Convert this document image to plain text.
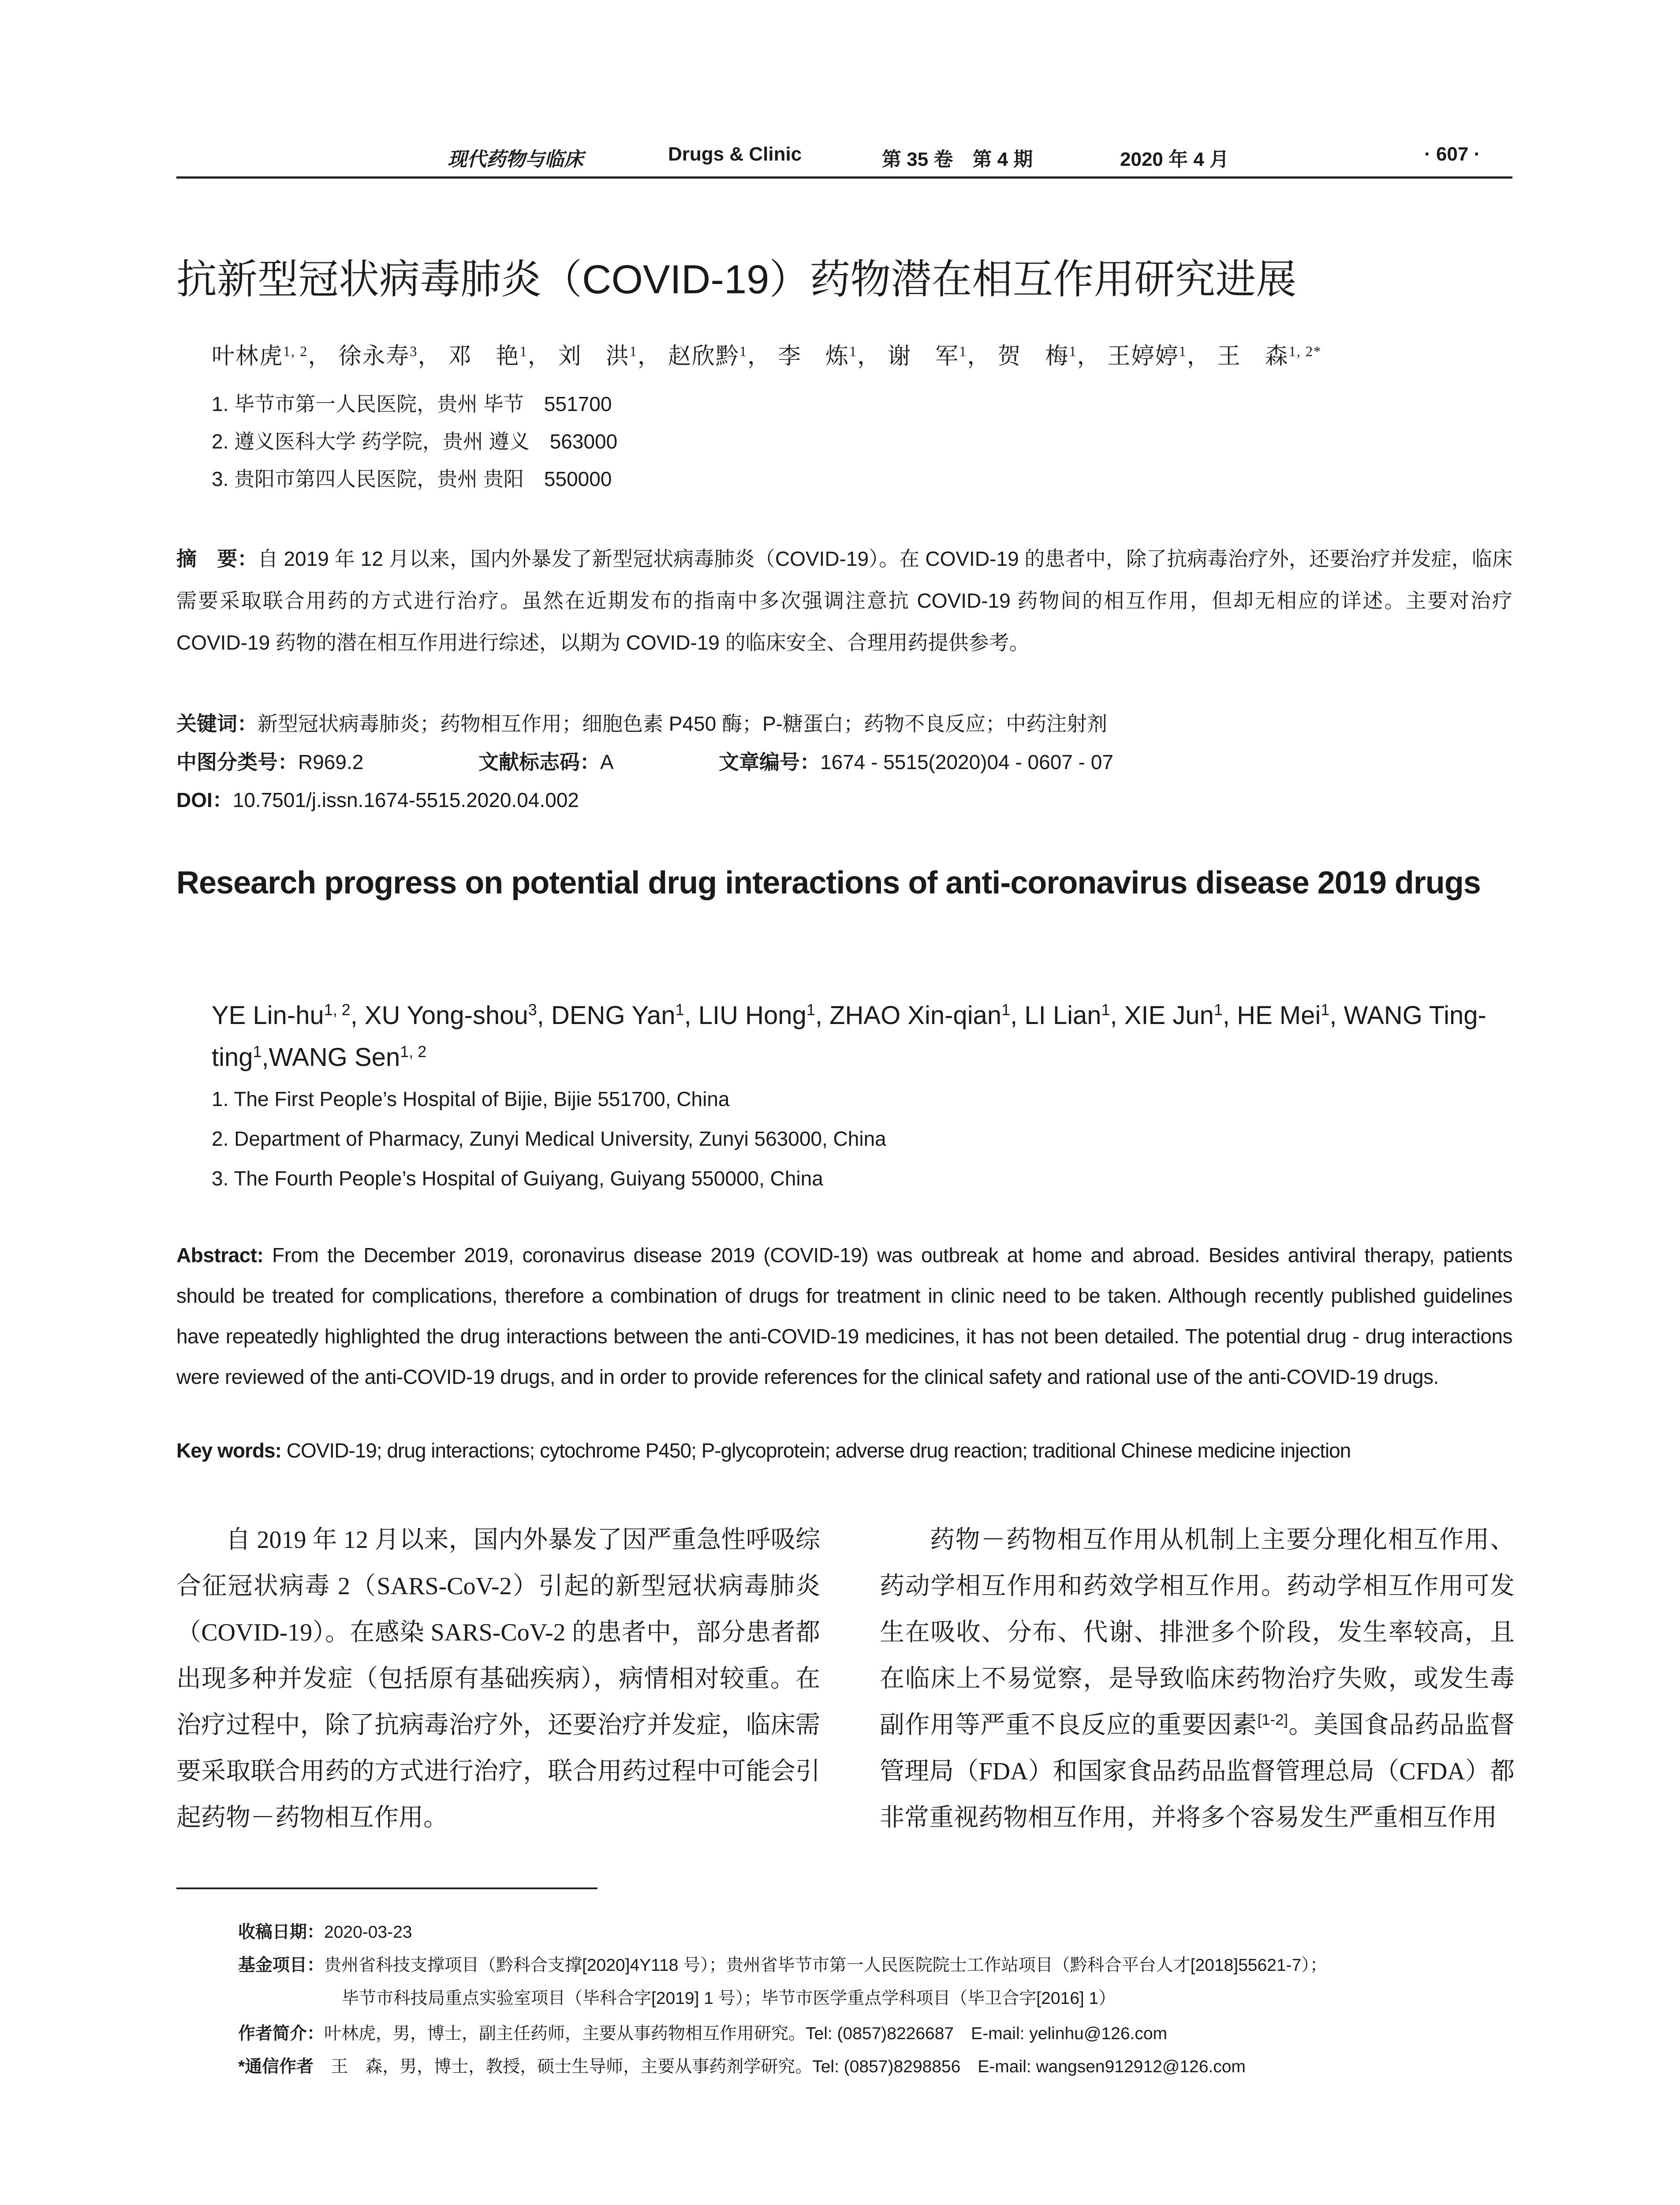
现代药物与临床	Drugs & Clinic	第 35 卷　第 4 期	2020 年 4 月	· 607 ·
抗新型冠状病毒肺炎（COVID-19）药物潜在相互作用研究进展
叶林虎$^{1, 2}$， 徐永寿$^3$， 邓　艳$^1$， 刘　洪$^1$， 赵欣黔$^1$， 李　炼$^1$， 谢　军$^1$， 贺　梅$^1$， 王婷婷$^1$， 王　森$^{1, 2*}$
1. 毕节市第一人民医院，贵州 毕节　551700
2. 遵义医科大学 药学院，贵州 遵义　563000
3. 贵阳市第四人民医院，贵州 贵阳　550000
摘　要：自 2019 年 12 月以来，国内外暴发了新型冠状病毒肺炎（COVID-19）。在 COVID-19 的患者中，除了抗病毒治疗外，还要治疗并发症，临床需要采取联合用药的方式进行治疗。虽然在近期发布的指南中多次强调注意抗 COVID-19 药物间的相互作用，但却无相应的详述。主要对治疗 COVID-19 药物的潜在相互作用进行综述，以期为 COVID-19 的临床安全、合理用药提供参考。
关键词：新型冠状病毒肺炎；药物相互作用；细胞色素 P450 酶；P-糖蛋白；药物不良反应；中药注射剂
中图分类号：R969.2	文献标志码：A	文章编号：1674 - 5515(2020)04 - 0607 - 07
DOI：10.7501/j.issn.1674-5515.2020.04.002
Research progress on potential drug interactions of anti-coronavirus disease 2019 drugs
YE Lin-hu$^{1, 2}$, XU Yong-shou$^3$, DENG Yan$^1$, LIU Hong$^1$, ZHAO Xin-qian$^1$, LI Lian$^1$, XIE Jun$^1$, HE Mei$^1$, WANG Ting-ting$^1$,WANG Sen$^{1, 2}$
1. The First People’s Hospital of Bijie, Bijie 551700, China
2. Department of Pharmacy, Zunyi Medical University, Zunyi 563000, China
3. The Fourth People’s Hospital of Guiyang, Guiyang 550000, China
Abstract: From the December 2019, coronavirus disease 2019 (COVID-19) was outbreak at home and abroad. Besides antiviral therapy, patients should be treated for complications, therefore a combination of drugs for treatment in clinic need to be taken. Although recently published guidelines have repeatedly highlighted the drug interactions between the anti-COVID-19 medicines, it has not been detailed. The potential drug - drug interactions were reviewed of the anti-COVID-19 drugs, and in order to provide references for the clinical safety and rational use of the anti-COVID-19 drugs.
Key words: COVID-19; drug interactions; cytochrome P450; P-glycoprotein; adverse drug reaction; traditional Chinese medicine injection
自 2019 年 12 月以来，国内外暴发了因严重急性呼吸综合征冠状病毒 2（SARS-CoV-2）引起的新型冠状病毒肺炎（COVID-19）。在感染 SARS-CoV-2 的患者中，部分患者都出现多种并发症（包括原有基础疾病），病情相对较重。在治疗过程中，除了抗病毒治疗外，还要治疗并发症，临床需要采取联合用药的方式进行治疗，联合用药过程中可能会引起药物－药物相互作用。
药物－药物相互作用从机制上主要分理化相互作用、药动学相互作用和药效学相互作用。药动学相互作用可发生在吸收、分布、代谢、排泄多个阶段，发生率较高，且在临床上不易觉察，是导致临床药物治疗失败，或发生毒副作用等严重不良反应的重要因素[1-2]。美国食品药品监督管理局（FDA）和国家食品药品监督管理总局（CFDA）都非常重视药物相互作用，并将多个容易发生严重相互作用
收稿日期：2020-03-23
基金项目：贵州省科技支撑项目（黔科合支撑[2020]4Y118 号）；贵州省毕节市第一人民医院院士工作站项目（黔科合平台人才[2018]55621-7）；
毕节市科技局重点实验室项目（毕科合字[2019] 1 号）；毕节市医学重点学科项目（毕卫合字[2016] 1）
作者简介：叶林虎，男，博士，副主任药师，主要从事药物相互作用研究。Tel: (0857)8226687　E-mail: yelinhu@126.com
*通信作者　 王　森，男，博士，教授，硕士生导师，主要从事药剂学研究。Tel: (0857)8298856　E-mail: wangsen912912@126.com
